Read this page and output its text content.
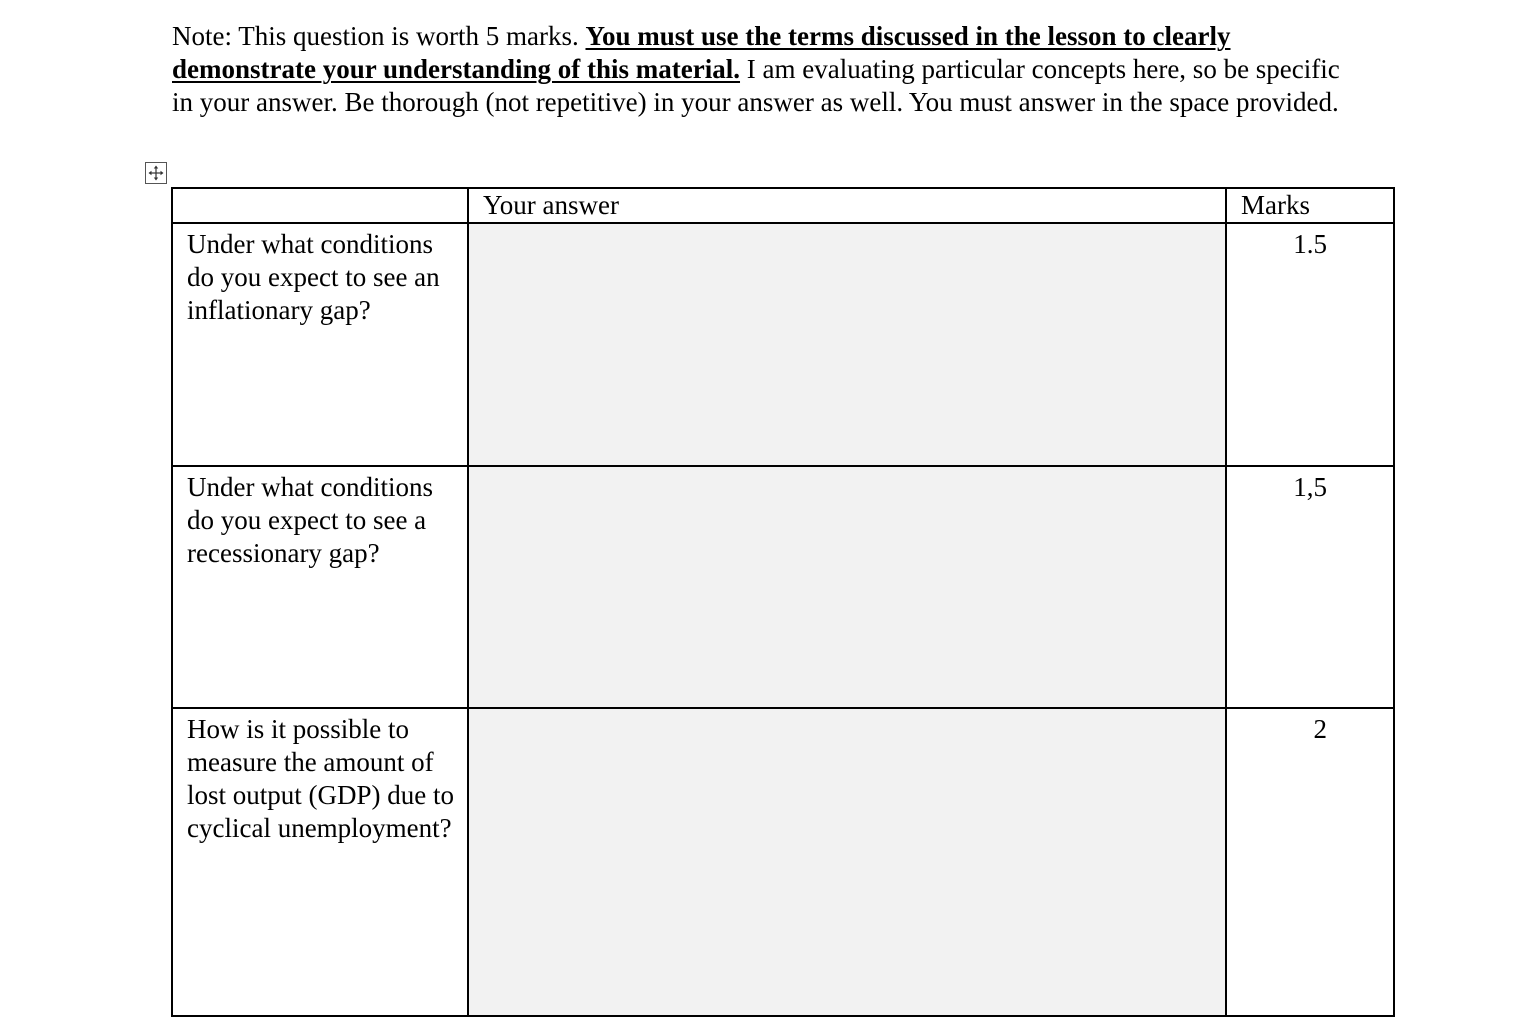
Note: This question is worth 5 marks. You must use the terms discussed in the lesson to clearly demonstrate your understanding of this material. I am evaluating particular concepts here, so be specific in your answer. Be thorough (not repetitive) in your answer as well. You must answer in the space provided.

	Your answer	Marks

Under what conditions do you expect to see an inflationary gap?		1.5

Under what conditions do you expect to see a recessionary gap?		1,5

How is it possible to measure the amount of lost output (GDP) due to cyclical unemployment?		2
